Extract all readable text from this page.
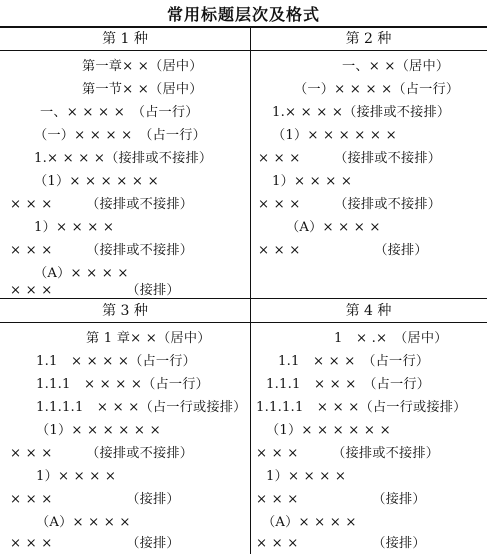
常用标题层次及格式
第 1 种	第 2 种
第 3 种	第 4 种
第一章× ×（居中）
第一节× ×（居中）
一、× × × ×　（占一行）
（一）× × × ×　（占一行）
1.× × × ×（接排或不接排）
（1）× × × × × ×
× × ×　　　（接排或不接排）
1）× × × ×
× × ×　　　（接排或不接排）
（A）× × × ×
× × ×　　　　　　（接排）
一、× ×（居中）
（一）× × × ×（占一行）
1.× × × ×（接排或不接排）
（1）× × × × × ×
× × ×　　　（接排或不接排）
1）× × × ×
× × ×　　　（接排或不接排）
（A）× × × ×
× × ×　　　　　　（接排）
第 1 章× ×（居中）
1.1　× × × ×（占一行）
1.1.1　× × × ×（占一行）
1.1.1.1　× × ×（占一行或接排）
（1）× × × × × ×
× × ×　　　（接排或不接排）
1）× × × ×
× × ×　　　　　　（接排）
（A）× × × ×
× × ×　　　　　　（接排）
1　× .×　（居中）
1.1　× × ×　（占一行）
1.1.1　× × ×　（占一行）
1.1.1.1　× × ×（占一行或接排）
（1）× × × × × ×
× × ×　　　（接排或不接排）
1）× × × ×
× × ×　　　　　　（接排）
（A）× × × ×
× × ×　　　　　　（接排）
